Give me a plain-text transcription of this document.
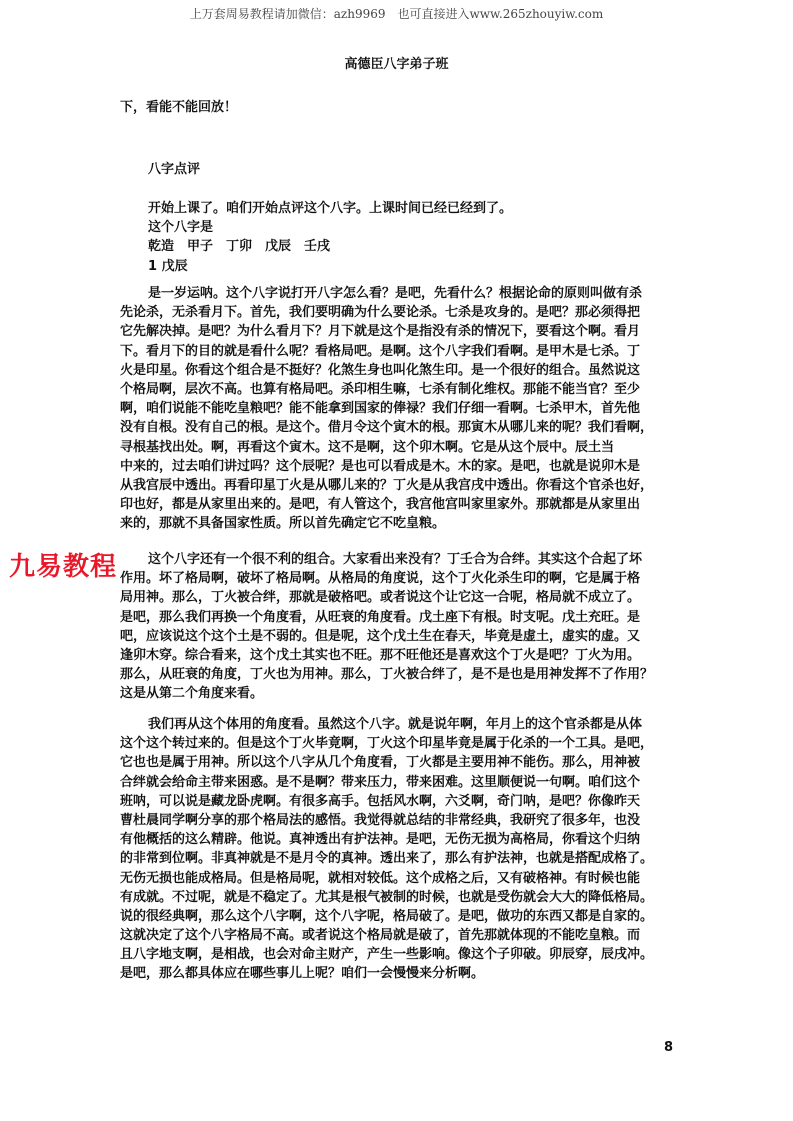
上万套周易教程请加微信：azh9969　也可直接进入www.265zhouyiw.com
高德臣八字弟子班
下，看能不能回放！
八字点评
开始上课了。咱们开始点评这个八字。上课时间已经已经到了。
这个八字是
乾造　甲子　丁卯　戊辰　壬戌
1 戊辰
是一岁运呐。这个八字说打开八字怎么看？是吧，先看什么？根据论命的原则叫做有杀
先论杀，无杀看月下。首先，我们要明确为什么要论杀。七杀是攻身的。是吧？那必须得把
它先解决掉。是吧？为什么看月下？月下就是这个是指没有杀的情况下，要看这个啊。看月
下。看月下的目的就是看什么呢？看格局吧。是啊。这个八字我们看啊。是甲木是七杀。丁
火是印星。你看这个组合是不挺好？化煞生身也叫化煞生印。是一个很好的组合。虽然说这
个格局啊，层次不高。也算有格局吧。杀印相生嘛，七杀有制化维权。那能不能当官？至少
啊，咱们说能不能吃皇粮吧？能不能拿到国家的俸禄？我们仔细一看啊。七杀甲木，首先他
没有自根。没有自己的根。是这个。借月令这个寅木的根。那寅木从哪儿来的呢？我们看啊，
寻根基找出处。啊，再看这个寅木。这不是啊，这个卯木啊。它是从这个辰中。辰土当
中来的，过去咱们讲过吗？这个辰呢？是也可以看成是木。木的家。是吧，也就是说卯木是
从我宫辰中透出。再看印星丁火是从哪儿来的？丁火是从我宫戌中透出。你看这个官杀也好，
印也好，都是从家里出来的。是吧，有人管这个，我宫他宫叫家里家外。那就都是从家里出
来的，那就不具备国家性质。所以首先确定它不吃皇粮。
这个八字还有一个很不利的组合。大家看出来没有？丁壬合为合绊。其实这个合起了坏
作用。坏了格局啊，破坏了格局啊。从格局的角度说，这个丁火化杀生印的啊，它是属于格
局用神。那么，丁火被合绊，那就是破格吧。或者说这个让它这一合呢，格局就不成立了。
是吧，那么我们再换一个角度看，从旺衰的角度看。戊土座下有根。时支呢。戊土充旺。是
吧，应该说这个这个土是不弱的。但是呢，这个戊土生在春天，毕竟是虚土，虚实的虚。又
逢卯木穿。综合看来，这个戊土其实也不旺。那不旺他还是喜欢这个丁火是吧？丁火为用。
那么，从旺衰的角度，丁火也为用神。那么，丁火被合绊了，是不是也是用神发挥不了作用？
这是从第二个角度来看。
我们再从这个体用的角度看。虽然这个八字。就是说年啊，年月上的这个官杀都是从体
这个这个转过来的。但是这个丁火毕竟啊，丁火这个印星毕竟是属于化杀的一个工具。是吧，
它也也是属于用神。所以这个八字从几个角度看，丁火都是主要用神不能伤。那么，用神被
合绊就会给命主带来困惑。是不是啊？带来压力，带来困难。这里顺便说一句啊。咱们这个
班呐，可以说是藏龙卧虎啊。有很多高手。包括风水啊，六爻啊，奇门呐，是吧？你像昨天
曹杜晨同学啊分享的那个格局法的感悟。我觉得就总结的非常经典，我研究了很多年，也没
有他概括的这么精辟。他说。真神透出有护法神。是吧，无伤无损为高格局，你看这个归纳
的非常到位啊。非真神就是不是月令的真神。透出来了，那么有护法神，也就是搭配成格了。
无伤无损也能成格局。但是格局呢，就相对较低。这个成格之后，又有破格神。有时候也能
有成就。不过呢，就是不稳定了。尤其是根气被制的时候，也就是受伤就会大大的降低格局。
说的很经典啊，那么这个八字啊，这个八字呢，格局破了。是吧，做功的东西又都是自家的。
这就决定了这个八字格局不高。或者说这个格局就是破了，首先那就体现的不能吃皇粮。而
且八字地支啊，是相战，也会对命主财产，产生一些影响。像这个子卯破。卯辰穿，辰戌冲。
是吧，那么都具体应在哪些事儿上呢？咱们一会慢慢来分析啊。
九易教程
8
